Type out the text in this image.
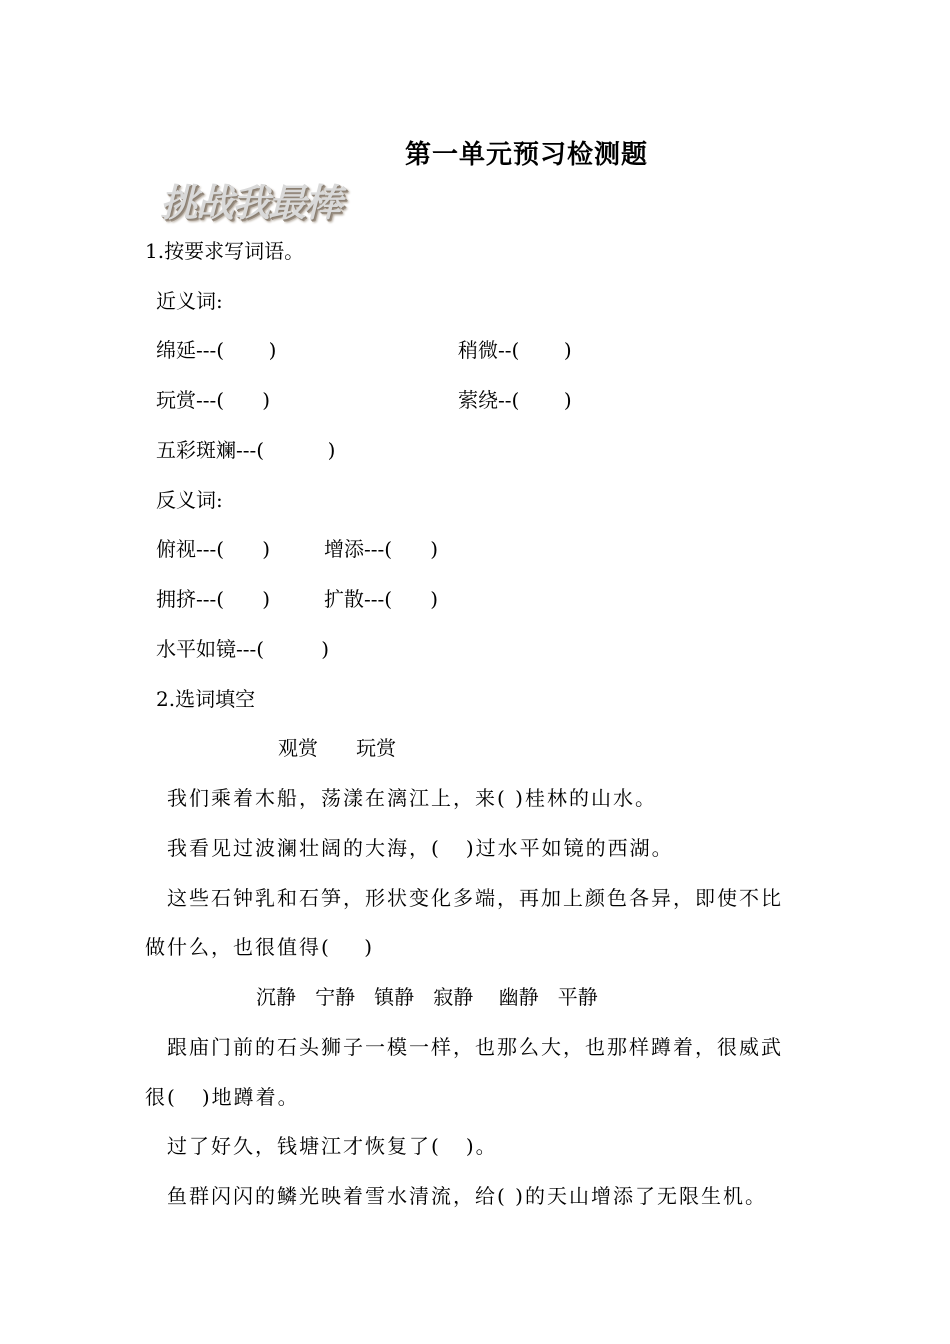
第一单元预习检测题
挑战我最棒
1.按要求写词语。
近义词:
绵延---(       )	稍微--(       )
玩赏---(      )	萦绕--(       )
五彩斑斓---(          )
反义词:
俯视---(      )	增添---(      )
拥挤---(      )	扩散---(      )
水平如镜---(         )
2.选词填空
观赏      玩赏
我们乘着木船，荡漾在漓江上，来( )桂林的山水。
我看见过波澜壮阔的大海，(   )过水平如镜的西湖。
这些石钟乳和石笋，形状变化多端，再加上颜色各异，即使不比
做什么，也很值得(    )
沉静   宁静   镇静   寂静    幽静   平静
跟庙门前的石头狮子一模一样，也那么大，也那样蹲着，很威武
很(   )地蹲着。
过了好久，钱塘江才恢复了(   )。
鱼群闪闪的鳞光映着雪水清流，给( )的天山增添了无限生机。
